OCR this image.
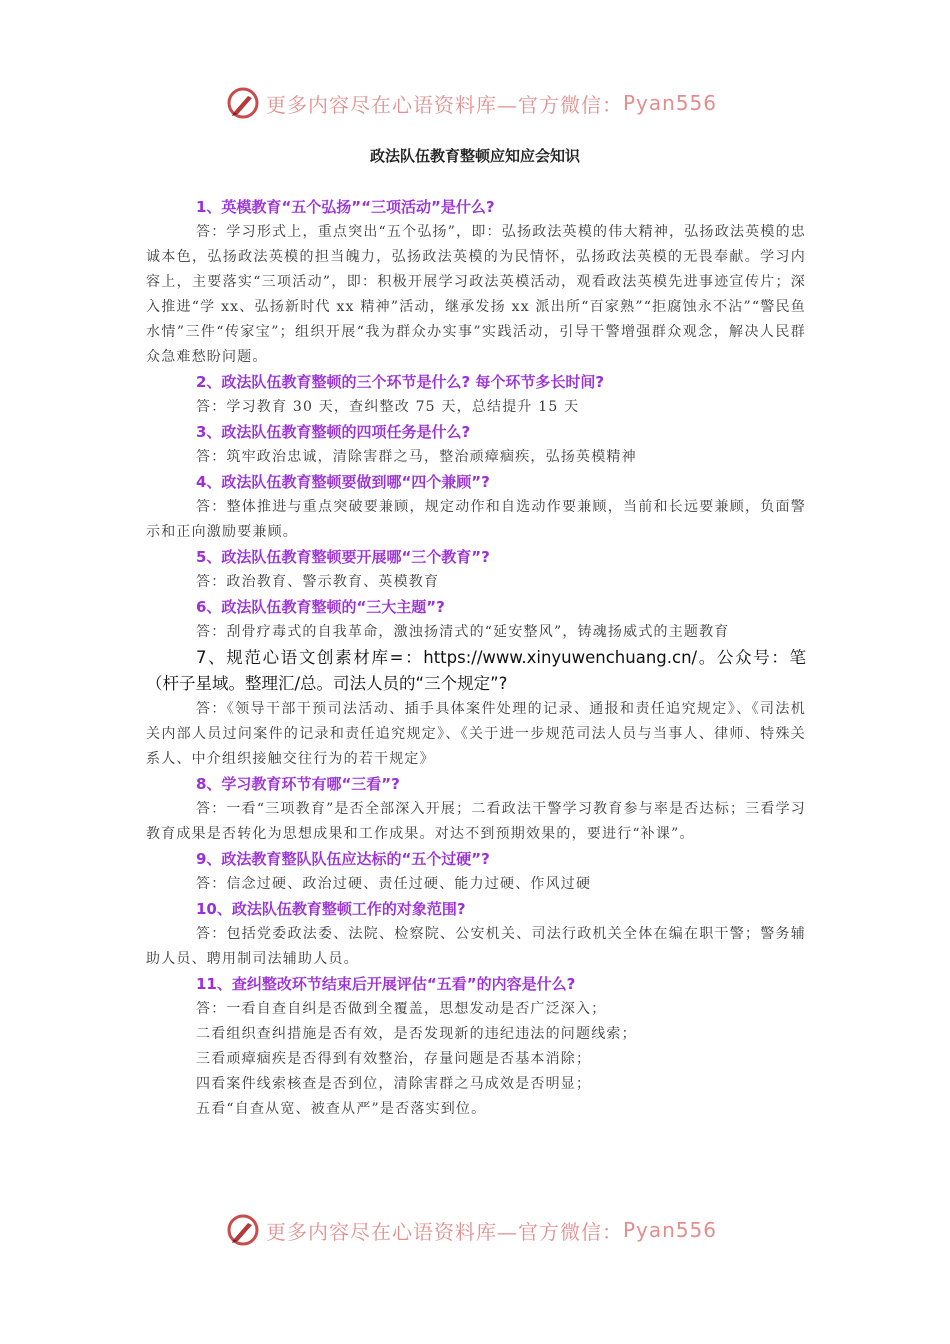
更多内容尽在心语资料库—官方微信： Pyan556
政法队伍教育整顿应知应会知识

1、英模教育“五个弘扬”“三项活动”是什么?

答：学习形式上，重点突出“五个弘扬”，即：弘扬政法英模的伟大精神，弘扬政法英模的忠诚本色，弘扬政法英模的担当魄力，弘扬政法英模的为民情怀，弘扬政法英模的无畏奉献。学习内容上，主要落实“三项活动”，即：积极开展学习政法英模活动，观看政法英模先进事迹宣传片；深入推进“学 xx、弘扬新时代 xx 精神”活动，继承发扬 xx 派出所“百家熟”“拒腐蚀永不沾”“警民鱼水情”三件“传家宝”；组织开展“我为群众办实事”实践活动，引导干警增强群众观念，解决人民群众急难愁盼问题。

2、政法队伍教育整顿的三个环节是什么? 每个环节多长时间?

答：学习教育 30 天，查纠整改 75 天，总结提升 15 天

3、政法队伍教育整顿的四项任务是什么?

答：筑牢政治忠诚，清除害群之马，整治顽瘴痼疾，弘扬英模精神

4、政法队伍教育整顿要做到哪“四个兼顾”?

答：整体推进与重点突破要兼顾，规定动作和自选动作要兼顾，当前和长远要兼顾，负面警示和正向激励要兼顾。

5、政法队伍教育整顿要开展哪“三个教育”?

答：政治教育、警示教育、英模教育

6、政法队伍教育整顿的“三大主题”?

答：刮骨疗毒式的自我革命，激浊扬清式的“延安整风”，铸魂扬威式的主题教育

7、规范心语文创素材库=：https://www.xinyuwenchuang.cn/。公众号：笔（杆子星域。整理汇/总。司法人员的“三个规定”?

答：《领导干部干预司法活动、插手具体案件处理的记录、通报和责任追究规定》、《司法机关内部人员过问案件的记录和责任追究规定》、《关于进一步规范司法人员与当事人、律师、特殊关系人、中介组织接触交往行为的若干规定》

8、学习教育环节有哪“三看”?

答：一看“三项教育”是否全部深入开展；二看政法干警学习教育参与率是否达标；三看学习教育成果是否转化为思想成果和工作成果。对达不到预期效果的，要进行“补课”。

9、政法教育整队队伍应达标的“五个过硬”?

答：信念过硬、政治过硬、责任过硬、能力过硬、作风过硬

10、政法队伍教育整顿工作的对象范围?

答：包括党委政法委、法院、检察院、公安机关、司法行政机关全体在编在职干警；警务辅助人员、聘用制司法辅助人员。

11、查纠整改环节结束后开展评估“五看”的内容是什么?

答：一看自查自纠是否做到全覆盖，思想发动是否广泛深入；

二看组织查纠措施是否有效，是否发现新的违纪违法的问题线索；

三看顽瘴痼疾是否得到有效整治，存量问题是否基本消除；

四看案件线索核查是否到位，清除害群之马成效是否明显；

五看“自查从宽、被查从严”是否落实到位。

更多内容尽在心语资料库—官方微信： Pyan556
